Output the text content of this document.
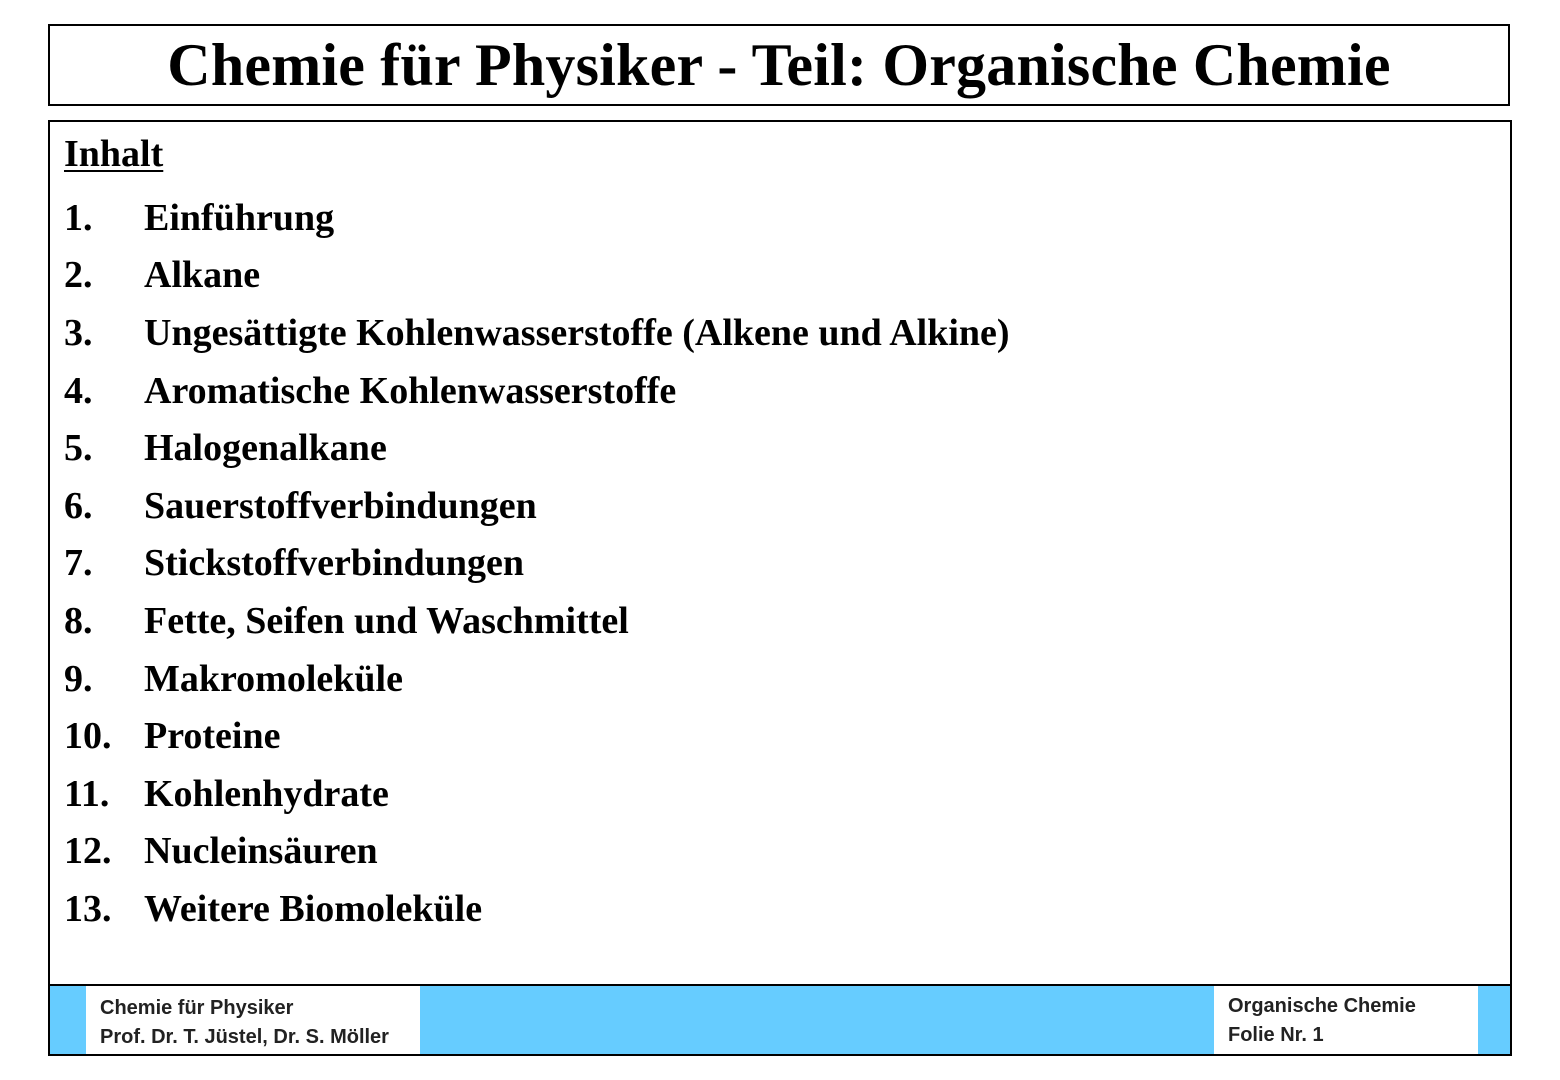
Chemie für Physiker - Teil: Organische Chemie
Inhalt
1.	Einführung
2.	Alkane
3.	Ungesättigte Kohlenwasserstoffe (Alkene und Alkine)
4.	Aromatische Kohlenwasserstoffe
5.	Halogenalkane
6.	Sauerstoffverbindungen
7.	Stickstoffverbindungen
8.	Fette, Seifen und Waschmittel
9.	Makromoleküle
10. Proteine
11. Kohlenhydrate
12. Nucleinsäuren
13. Weitere Biomoleküle
Chemie für Physiker
Prof. Dr. T. Jüstel, Dr. S. Möller
Organische Chemie
Folie Nr. 1
